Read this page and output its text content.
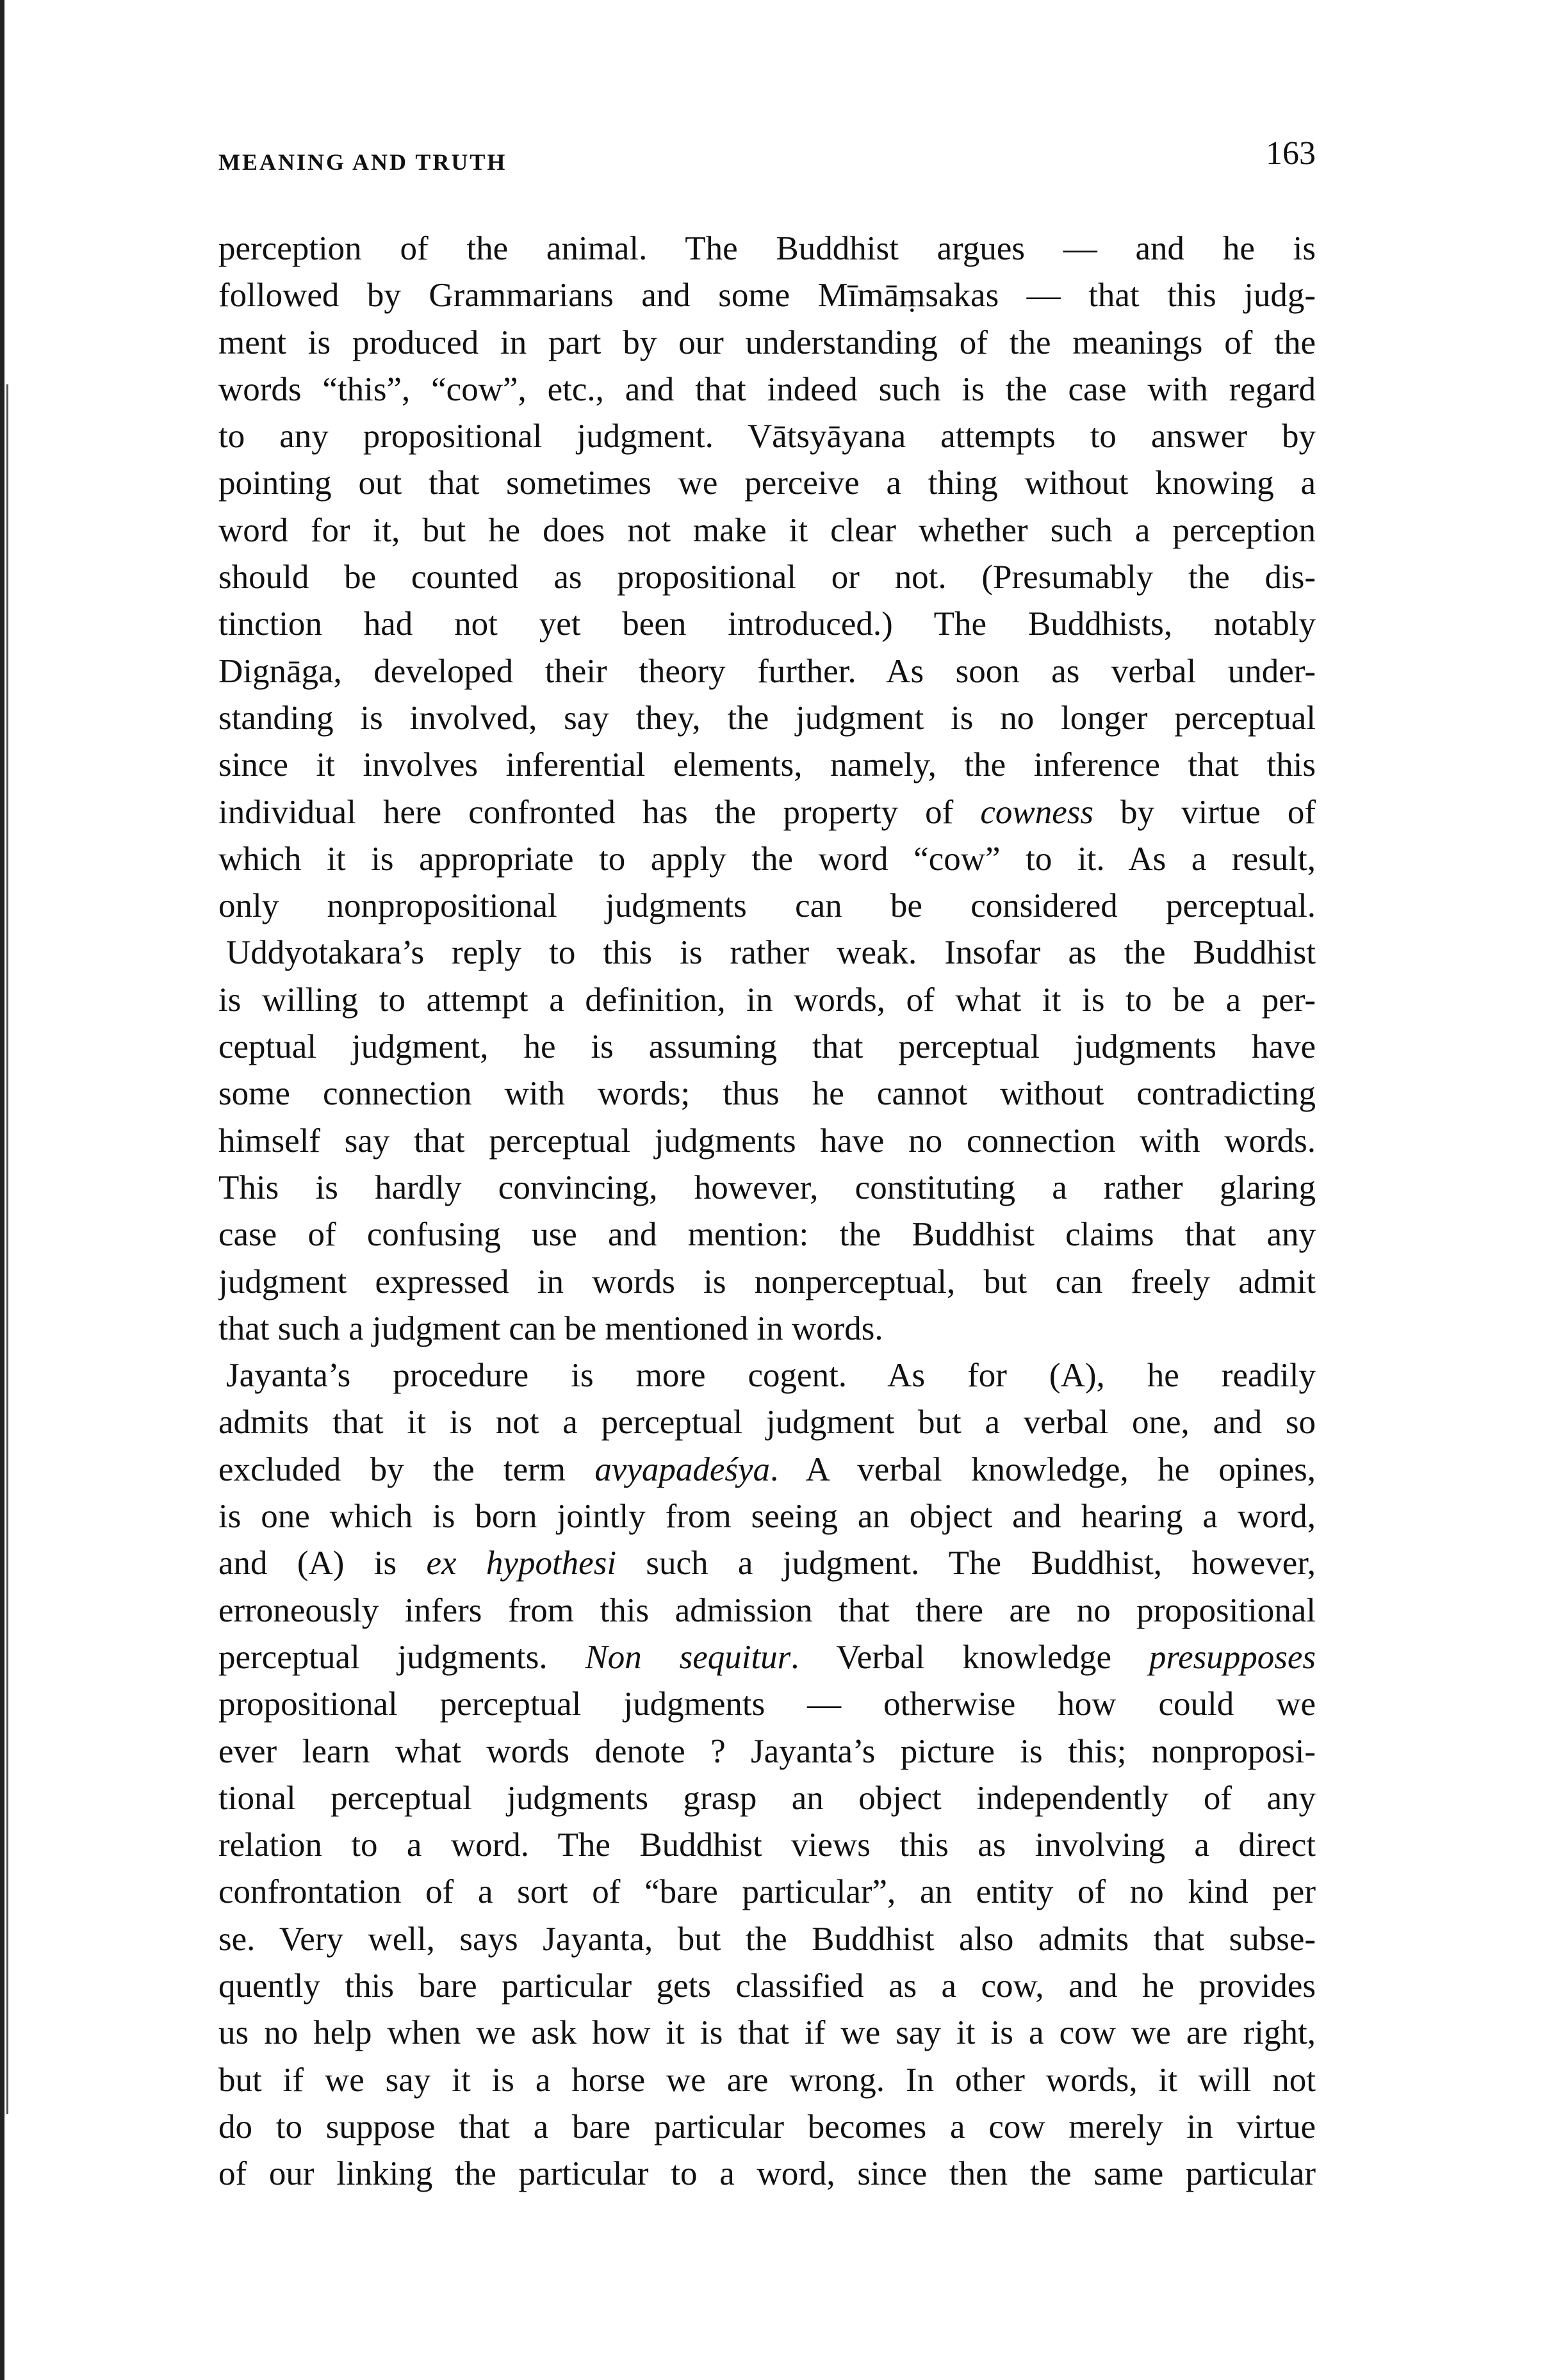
MEANING AND TRUTH	163
perception of the animal. The Buddhist argues — and he is
followed by Grammarians and some Mīmāṃsakas — that this judg-
ment is produced in part by our understanding of the meanings of the
words “this”, “cow”, etc., and that indeed such is the case with regard
to any propositional judgment. Vātsyāyana attempts to answer by
pointing out that sometimes we perceive a thing without knowing a
word for it, but he does not make it clear whether such a perception
should be counted as propositional or not. (Presumably the dis-
tinction had not yet been introduced.) The Buddhists, notably
Dignāga, developed their theory further. As soon as verbal under-
standing is involved, say they, the judgment is no longer perceptual
since it involves inferential elements, namely, the inference that this
individual here confronted has the property of cowness by virtue of
which it is appropriate to apply the word “cow” to it. As a result,
only nonpropositional judgments can be considered perceptual.
Uddyotakara’s reply to this is rather weak. Insofar as the Buddhist
is willing to attempt a definition, in words, of what it is to be a per-
ceptual judgment, he is assuming that perceptual judgments have
some connection with words; thus he cannot without contradicting
himself say that perceptual judgments have no connection with words.
This is hardly convincing, however, constituting a rather glaring
case of confusing use and mention: the Buddhist claims that any
judgment expressed in words is nonperceptual, but can freely admit
that such a judgment can be mentioned in words.
Jayanta’s procedure is more cogent. As for (A), he readily
admits that it is not a perceptual judgment but a verbal one, and so
excluded by the term avyapadeśya. A verbal knowledge, he opines,
is one which is born jointly from seeing an object and hearing a word,
and (A) is ex hypothesi such a judgment. The Buddhist, however,
erroneously infers from this admission that there are no propositional
perceptual judgments. Non sequitur. Verbal knowledge presupposes
propositional perceptual judgments — otherwise how could we
ever learn what words denote ? Jayanta’s picture is this; nonproposi-
tional perceptual judgments grasp an object independently of any
relation to a word. The Buddhist views this as involving a direct
confrontation of a sort of “bare particular”, an entity of no kind per
se. Very well, says Jayanta, but the Buddhist also admits that subse-
quently this bare particular gets classified as a cow, and he provides
us no help when we ask how it is that if we say it is a cow we are right,
but if we say it is a horse we are wrong. In other words, it will not
do to suppose that a bare particular becomes a cow merely in virtue
of our linking the particular to a word, since then the same particular
